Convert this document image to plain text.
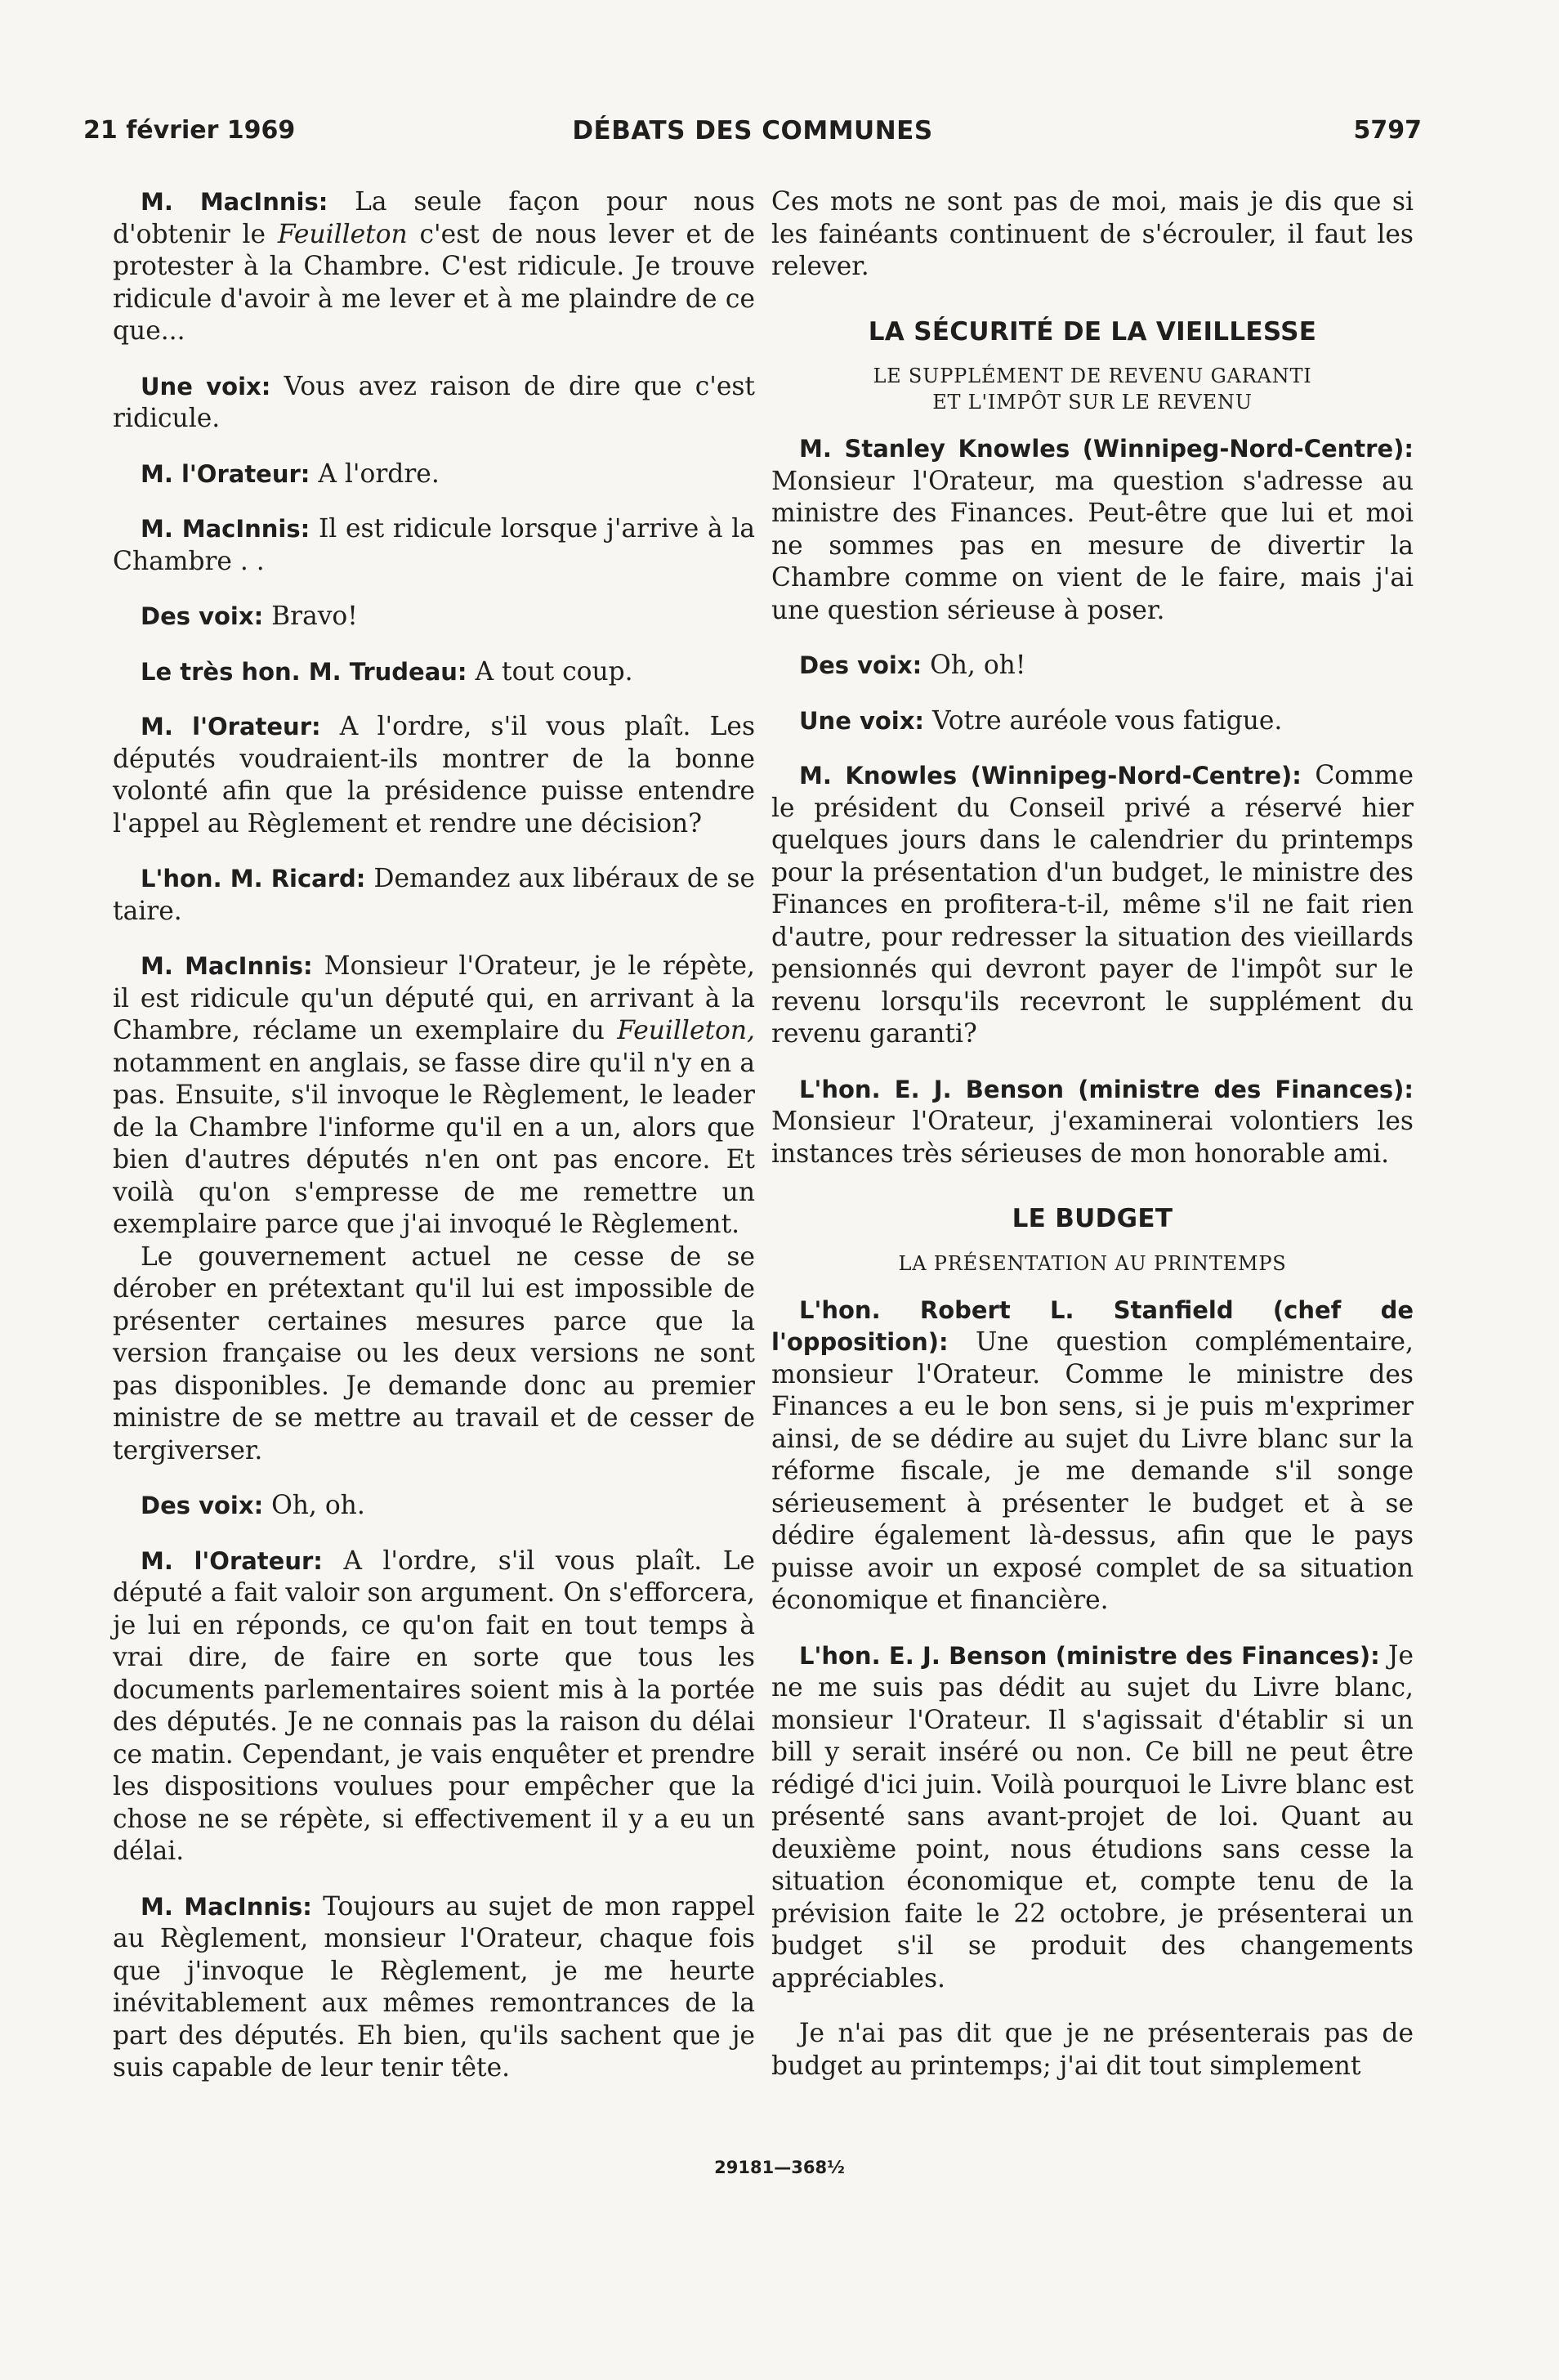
21 février 1969	DÉBATS DES COMMUNES	5797

M. MacInnis: La seule façon pour nous d'obtenir le Feuilleton c'est de nous lever et de protester à la Chambre. C'est ridicule. Je trouve ridicule d'avoir à me lever et à me plaindre de ce que...

Une voix: Vous avez raison de dire que c'est ridicule.

M. l'Orateur: A l'ordre.

M. MacInnis: Il est ridicule lorsque j'arrive à la Chambre . .

Des voix: Bravo!

Le très hon. M. Trudeau: A tout coup.

M. l'Orateur: A l'ordre, s'il vous plaît. Les députés voudraient-ils montrer de la bonne volonté afin que la présidence puisse entendre l'appel au Règlement et rendre une décision?

L'hon. M. Ricard: Demandez aux libéraux de se taire.

M. MacInnis: Monsieur l'Orateur, je le répète, il est ridicule qu'un député qui, en arrivant à la Chambre, réclame un exemplaire du Feuilleton, notamment en anglais, se fasse dire qu'il n'y en a pas. Ensuite, s'il invoque le Règlement, le leader de la Chambre l'informe qu'il en a un, alors que bien d'autres députés n'en ont pas encore. Et voilà qu'on s'empresse de me remettre un exemplaire parce que j'ai invoqué le Règlement.

Le gouvernement actuel ne cesse de se dérober en prétextant qu'il lui est impossible de présenter certaines mesures parce que la version française ou les deux versions ne sont pas disponibles. Je demande donc au premier ministre de se mettre au travail et de cesser de tergiverser.

Des voix: Oh, oh.

M. l'Orateur: A l'ordre, s'il vous plaît. Le député a fait valoir son argument. On s'efforcera, je lui en réponds, ce qu'on fait en tout temps à vrai dire, de faire en sorte que tous les documents parlementaires soient mis à la portée des députés. Je ne connais pas la raison du délai ce matin. Cependant, je vais enquêter et prendre les dispositions voulues pour empêcher que la chose ne se répète, si effectivement il y a eu un délai.

M. MacInnis: Toujours au sujet de mon rappel au Règlement, monsieur l'Orateur, chaque fois que j'invoque le Règlement, je me heurte inévitablement aux mêmes remontrances de la part des députés. Eh bien, qu'ils sachent que je suis capable de leur tenir tête.

Ces mots ne sont pas de moi, mais je dis que si les fainéants continuent de s'écrouler, il faut les relever.

LA SÉCURITÉ DE LA VIEILLESSE
LE SUPPLÉMENT DE REVENU GARANTI
ET L'IMPÔT SUR LE REVENU

M. Stanley Knowles (Winnipeg-Nord-Centre): Monsieur l'Orateur, ma question s'adresse au ministre des Finances. Peut-être que lui et moi ne sommes pas en mesure de divertir la Chambre comme on vient de le faire, mais j'ai une question sérieuse à poser.

Des voix: Oh, oh!

Une voix: Votre auréole vous fatigue.

M. Knowles (Winnipeg-Nord-Centre): Comme le président du Conseil privé a réservé hier quelques jours dans le calendrier du printemps pour la présentation d'un budget, le ministre des Finances en profitera-t-il, même s'il ne fait rien d'autre, pour redresser la situation des vieillards pensionnés qui devront payer de l'impôt sur le revenu lorsqu'ils recevront le supplément du revenu garanti?

L'hon. E. J. Benson (ministre des Finances): Monsieur l'Orateur, j'examinerai volontiers les instances très sérieuses de mon honorable ami.

LE BUDGET
LA PRÉSENTATION AU PRINTEMPS

L'hon. Robert L. Stanfield (chef de l'opposition): Une question complémentaire, monsieur l'Orateur. Comme le ministre des Finances a eu le bon sens, si je puis m'exprimer ainsi, de se dédire au sujet du Livre blanc sur la réforme fiscale, je me demande s'il songe sérieusement à présenter le budget et à se dédire également là-dessus, afin que le pays puisse avoir un exposé complet de sa situation économique et financière.

L'hon. E. J. Benson (ministre des Finances): Je ne me suis pas dédit au sujet du Livre blanc, monsieur l'Orateur. Il s'agissait d'établir si un bill y serait inséré ou non. Ce bill ne peut être rédigé d'ici juin. Voilà pourquoi le Livre blanc est présenté sans avant-projet de loi. Quant au deuxième point, nous étudions sans cesse la situation économique et, compte tenu de la prévision faite le 22 octobre, je présenterai un budget s'il se produit des changements appréciables.

Je n'ai pas dit que je ne présenterais pas de budget au printemps; j'ai dit tout simplement

29181—368½
